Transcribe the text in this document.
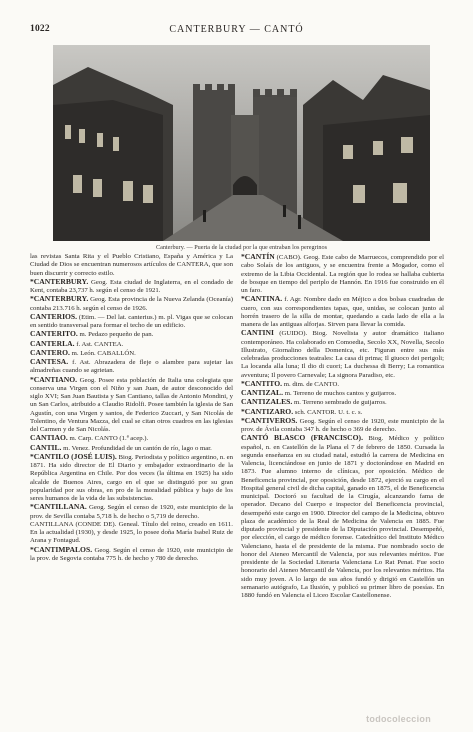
1022	CANTERBURY — CANTÓ
Canterbury. — Puerta de la ciudad por la que entraban los peregrinos

las revistas Santa Rita y el Pueblo Cristiano, España y América y La Ciudad de Dios se encuentran numerosos artículos de CANTERA, que son buen discurrir y correcto estilo.

*CANTERBURY. Geog. Esta ciudad de Inglaterra, en el condado de Kent, contaba 23,737 h. según el censo de 1921.

*CANTERBURY. Geog. Esta provincia de la Nueva Zelanda (Oceanía) contaba 213.716 h. según el censo de 1926.

CANTERIOS. (Etim. — Del lat. canterius.) m. pl. Vigas que se colocan en sentido transversal para formar el techo de un edificio.

CANTERITO. m. Pedazo pequeño de pan.

CANTERLA. f. Ast. CANTEA.

CANTERO. m. León. CABALLÓN.

CANTESA. f. Ast. Abrazadera de fleje o alambre para sujetar las almadreñas cuando se agrietan.

*CANTIANO. Geog. Posee esta población de Italia una colegiata que conserva una Virgen con el Niño y san Juan, de autor desconocido del siglo XVI; San Juan Bautista y San Cantiano, tallas de Antonio Mondini, y un San Carlos, atribuido a Claudio Ridolfi. Posee también la iglesia de San Agustín, con una Virgen y santos, de Federico Zuccari, y San Nicolás de Tolentino, de Ventura Mazza, del cual se citan otros cuadros en las iglesias del Carmen y de San Nicolás.

CANTIAO. m. Carp. CANTO (1.ª acep.).

CANTIL. m. Venez. Profundidad de un cantón de río, lago o mar.

*CANTILO (JOSÉ LUIS). Biog. Periodista y político argentino, n. en 1871. Ha sido director de El Diario y embajador extraordinario de la República Argentina en Chile. Por dos veces (la última en 1925) ha sido alcalde de Buenos Aires, cargo en el que se distinguió por su gran popularidad por sus obras, en pro de la moralidad pública y bajo de los seres humanos de la vida de las subsistencias.

*CANTILLANA. Geog. Según el censo de 1920, este municipio de la prov. de Sevilla contaba 5,718 h. de hecho o 5,719 de derecho.

CANTILLANA (CONDE DE). Geneal. Título del reino, creado en 1611. En la actualidad (1930), y desde 1925, lo posee doña María Isabel Ruiz de Arana y Fontagud.

*CANTIMPALOS. Geog. Según el censo de 1920, este municipio de la prov. de Segovia contaba 775 h. de hecho y 780 de derecho.

*CANTÍN (CABO). Geog. Este cabo de Marruecos, comprendido por el cabo Solaís de los antiguos, y se encuentra frente a Mogador, como el extremo de la Libia Occidental. La región que lo rodea se hallaba cubierta de bosque en tiempo del periplo de Hannón. En 1916 fue construido en él un faro.

*CANTINA. f. Agr. Nombre dado en Méjico a dos bolsas cuadradas de cuero, con sus correspondientes tapas, que, unidas, se colocan junto al horrén trasero de la silla de montar, quedando a cada lado de ella a la manera de las antiguas alforjas. Sirven para llevar la comida.

CANTINI (GUIDO). Biog. Novelista y autor dramático italiano contemporáneo. Ha colaborado en Comoedia, Secolo XX, Novella, Secolo Illustrato, Giornalino della Domenica, etc. Figuran entre sus más celebradas producciones teatrales: La casa di prima; Il giuoco dei perigoli; La locanda alla luna; Il dio di cuori; La duchessa di Berry; La romantica avventura; Il povero Carnevale; La signora Paradiso, etc.

*CANTITO. m. dim. de CANTO.

CANTIZAL. m. Terreno de muchos cantos y guijarros.

CANTIZALES. m. Terreno sembrado de guijarros.

*CANTIZARO. sch. CANTOR. U. t. c. s.

*CANTIVEROS. Geog. Según el censo de 1920, este municipio de la prov. de Ávila contaba 347 h. de hecho o 369 de derecho.

CANTÓ BLASCO (FRANCISCO). Biog. Médico y político español, n. en Castellón de la Plana el 7 de febrero de 1850. Cursada la segunda enseñanza en su ciudad natal, estudió la carrera de Medicina en Valencia, licenciándose en junio de 1871 y doctorándose en Madrid en 1873. Fue alumno interno de clínicas, por oposición. Médico de Beneficencia provincial, por oposición, desde 1872, ejerció su cargo en el Hospital general civil de dicha capital, ganado en 1875, el de Beneficencia municipal. Doctoró su facultad de la Cirugía, alcanzando fama de operador. Decano del Cuerpo e inspector del Beneficencia provincial, desempeñó este cargo en 1900. Director del campo de la Medicina, obtuvo plaza de académico de la Real de Medicina de Valencia en 1885. Fue diputado provincial y presidente de la Diputación provincial. Desempeñó, por elección, el cargo de médico forense. Catedrático del Instituto Médico Valenciano, hasta el de presidente de la misma. Fue nombrado socio de honor del Ateneo Mercantil de Valencia, por sus relevantes méritos. Fue presidente de la Sociedad Literaria Valenciana Lo Rat Penat. Fue socio honorario del Ateneo Mercantil de Valencia, por los relevantes méritos. Ha sido muy joven. A lo largo de sus años fundó y dirigió en Castellón un semanario autógrafo, La Ilusión, y publicó su primer libro de poesías. En 1880 fundó en Valencia el Liceo Escolar Castellonense.

todocoleccion
